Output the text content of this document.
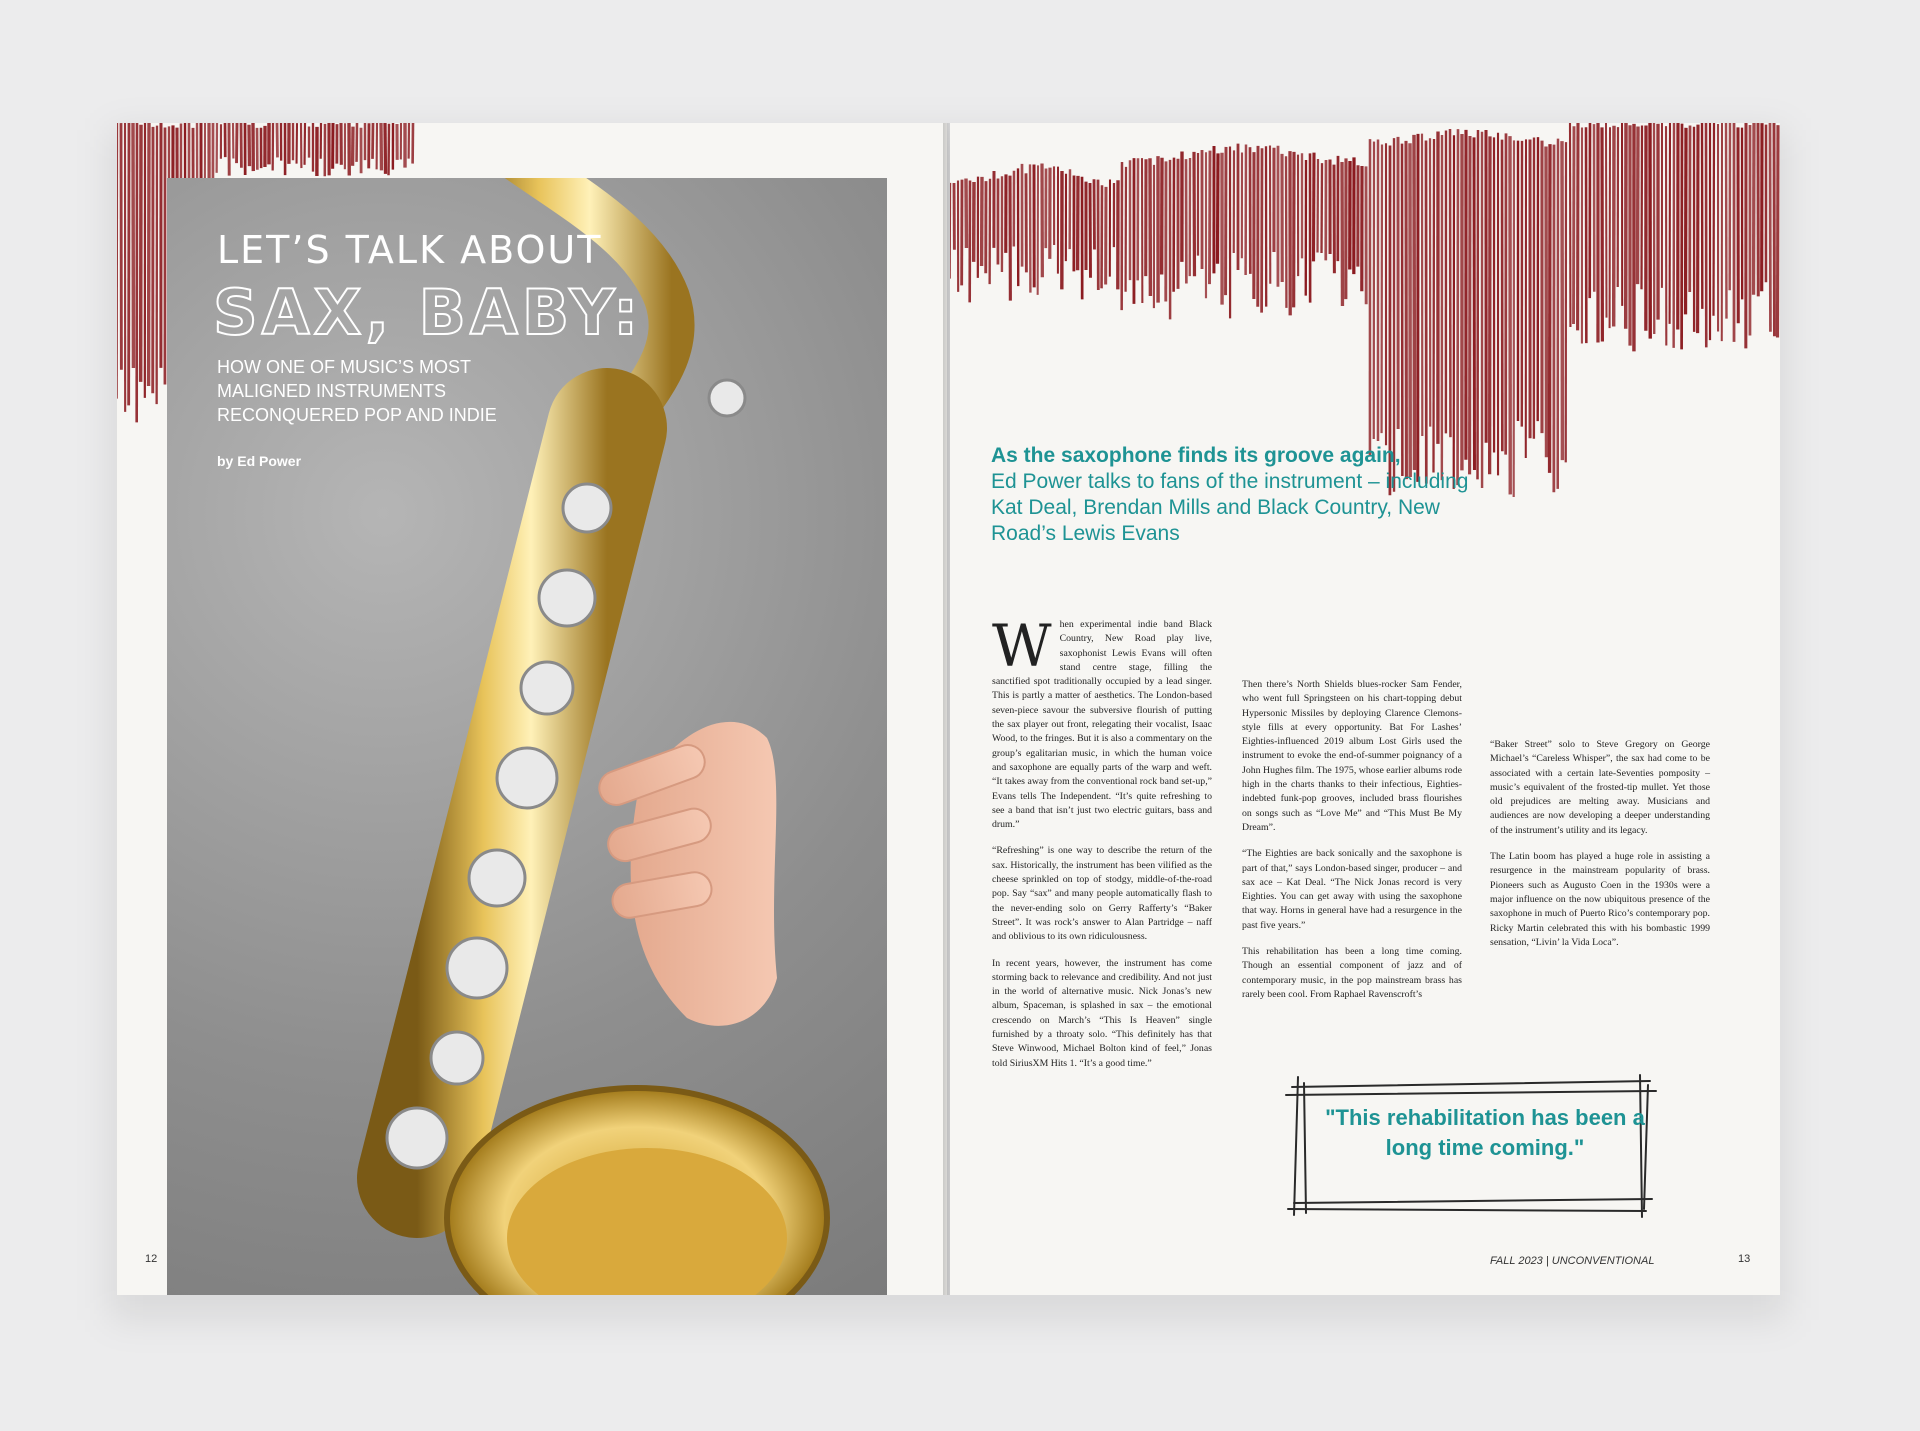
LET’S TALK ABOUT
SAX, BABY:
HOW ONE OF MUSIC’S MOST MALIGNED INSTRUMENTS RECONQUERED POP AND INDIE
by Ed Power
12
As the saxophone finds its groove again,
Ed Power talks to fans of the instrument – including Kat Deal, Brendan Mills and Black Country, New Road’s Lewis Evans

When experimental indie band Black Country, New Road play live, saxophonist Lewis Evans will often stand centre stage, filling the sanctified spot traditionally occupied by a lead singer. This is partly a matter of aesthetics. The London-based seven-piece savour the subversive flourish of putting the sax player out front, relegating their vocalist, Isaac Wood, to the fringes. But it is also a commentary on the group’s egalitarian music, in which the human voice and saxophone are equally parts of the warp and weft. “It takes away from the conventional rock band set-up,” Evans tells The Independent. “It’s quite refreshing to see a band that isn’t just two electric guitars, bass and drum.”

“Refreshing” is one way to describe the return of the sax. Historically, the instrument has been vilified as the cheese sprinkled on top of stodgy, middle-of-the-road pop. Say “sax” and many people automatically flash to the never-ending solo on Gerry Rafferty’s “Baker Street”. It was rock’s answer to Alan Partridge – naff and oblivious to its own ridiculousness.

In recent years, however, the instrument has come storming back to relevance and credibility. And not just in the world of alternative music. Nick Jonas’s new album, Spaceman, is splashed in sax – the emotional crescendo on March’s “This Is Heaven” single furnished by a throaty solo. “This definitely has that Steve Winwood, Michael Bolton kind of feel,” Jonas told SiriusXM Hits 1. “It’s a good time.”

Then there’s North Shields blues-rocker Sam Fender, who went full Springsteen on his chart-topping debut Hypersonic Missiles by deploying Clarence Clemons-style fills at every opportunity. Bat For Lashes’ Eighties-influenced 2019 album Lost Girls used the instrument to evoke the end-of-summer poignancy of a John Hughes film. The 1975, whose earlier albums rode high in the charts thanks to their infectious, Eighties-indebted funk-pop grooves, included brass flourishes on songs such as “Love Me” and “This Must Be My Dream”.

“The Eighties are back sonically and the saxophone is part of that,” says London-based singer, producer – and sax ace – Kat Deal. “The Nick Jonas record is very Eighties. You can get away with using the saxophone that way. Horns in general have had a resurgence in the past five years.”

This rehabilitation has been a long time coming. Though an essential component of jazz and of contemporary music, in the pop mainstream brass has rarely been cool. From Raphael Ravenscroft’s

“Baker Street” solo to Steve Gregory on George Michael’s “Careless Whisper”, the sax had come to be associated with a certain late-Seventies pomposity – music’s equivalent of the frosted-tip mullet. Yet those old prejudices are melting away. Musicians and audiences are now developing a deeper understanding of the instrument’s utility and its legacy.

The Latin boom has played a huge role in assisting a resurgence in the mainstream popularity of brass. Pioneers such as Augusto Coen in the 1930s were a major influence on the now ubiquitous presence of the saxophone in much of Puerto Rico’s contemporary pop. Ricky Martin celebrated this with his bombastic 1999 sensation, “Livin’ la Vida Loca”.

"This rehabilitation has been a long time coming."
FALL 2023 | UNCONVENTIONAL	13
